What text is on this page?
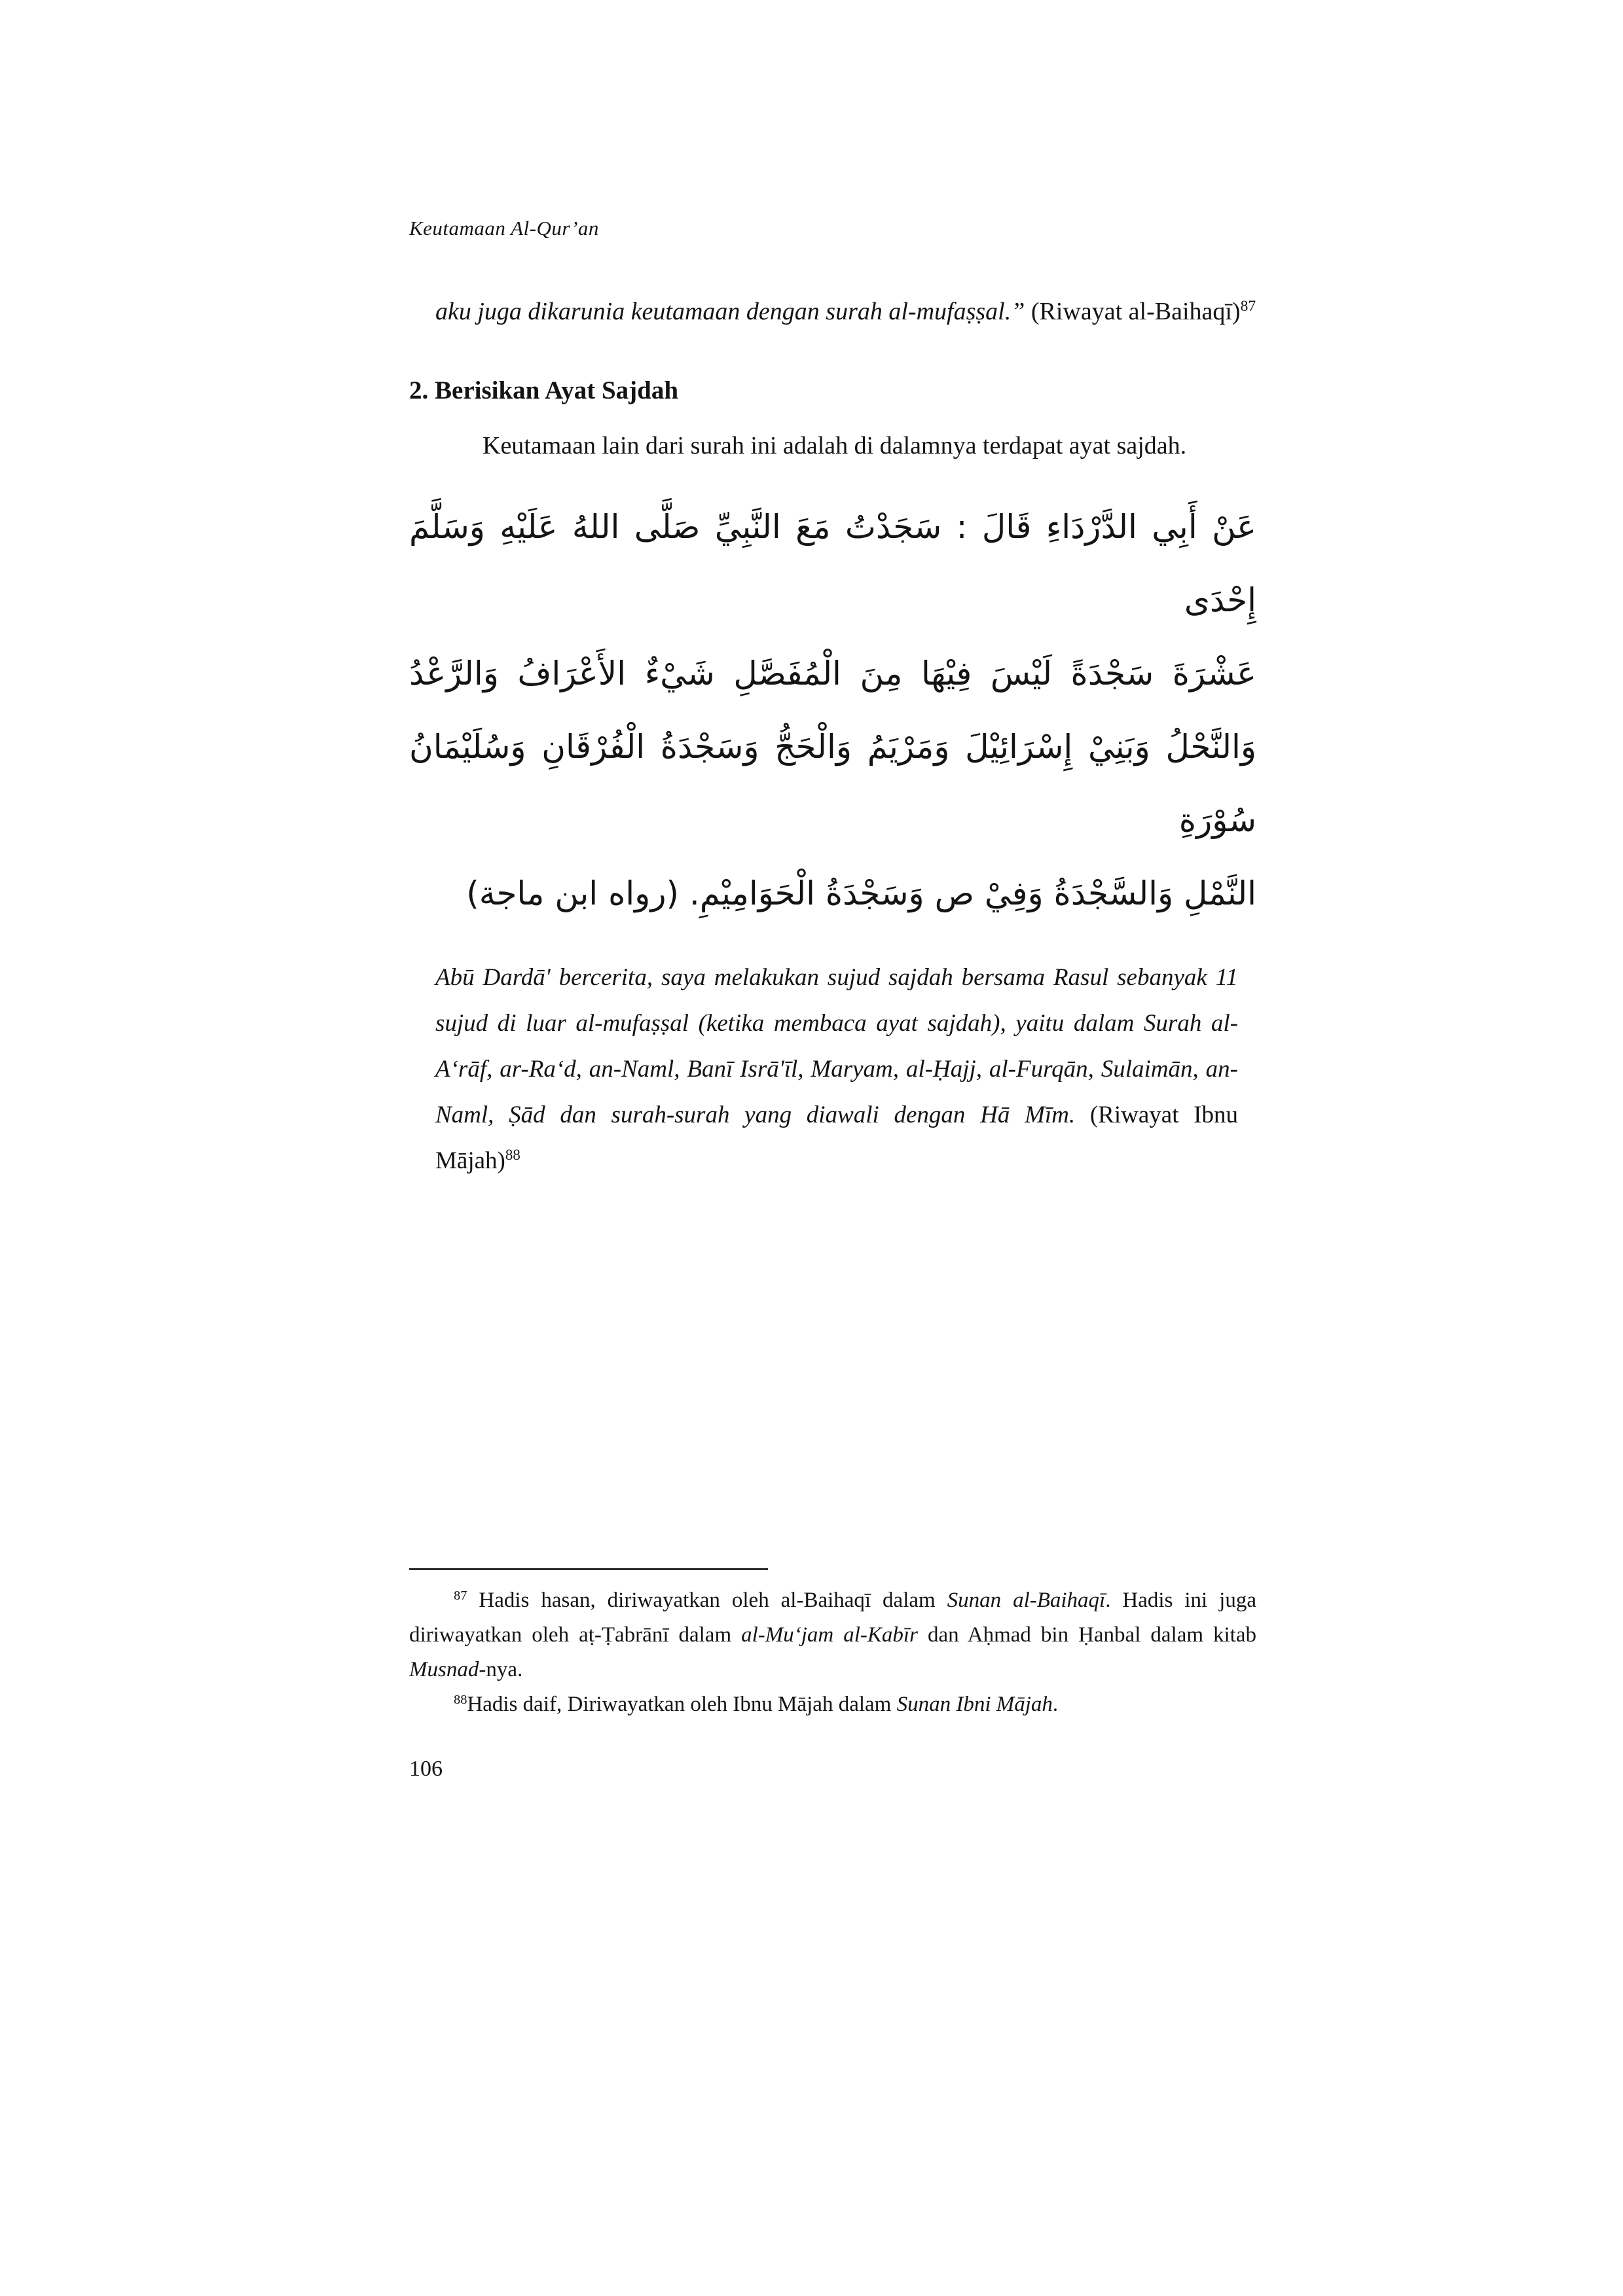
Keutamaan Al-Qur’an

aku juga dikarunia keutamaan dengan surah al-mufaṣṣal.” (Riwayat al-Baihaqī)$^{87}$

2. Berisikan Ayat Sajdah

Keutamaan lain dari surah ini adalah di dalamnya terdapat ayat sajdah.

عَنْ أَبِي الدَّرْدَاءِ قَالَ : سَجَدْتُ مَعَ النَّبِيِّ صَلَّى اللهُ عَلَيْهِ وَسَلَّمَ إِحْدَى
عَشْرَةَ سَجْدَةً لَيْسَ فِيْهَا مِنَ الْمُفَصَّلِ شَيْءٌ الأَعْرَافُ وَالرَّعْدُ
وَالنَّحْلُ وَبَنِيْ إِسْرَائِيْلَ وَمَرْيَمُ وَالْحَجُّ وَسَجْدَةُ الْفُرْقَانِ وَسُلَيْمَانُ سُوْرَةِ
النَّمْلِ وَالسَّجْدَةُ وَفِيْ ص وَسَجْدَةُ الْحَوَامِيْمِ. (رواه ابن ماجة)

Abū Dardā' bercerita, saya melakukan sujud sajdah bersama Rasul sebanyak 11 sujud di luar al-mufaṣṣal (ketika membaca ayat sajdah), yaitu dalam Surah al-A‘rāf, ar-Ra‘d, an-Naml, Banī Isrā'īl, Maryam, al-Ḥajj, al-Furqān, Sulaimān, an-Naml, Ṣād dan surah-surah yang diawali dengan Hā Mīm. (Riwayat Ibnu Mājah)$^{88}$

$^{87}$ Hadis hasan, diriwayatkan oleh al-Baihaqī dalam Sunan al-Baihaqī. Hadis ini juga diriwayatkan oleh aṭ-Ṭabrānī dalam al-Mu‘jam al-Kabīr dan Aḥmad bin Ḥanbal dalam kitab Musnad-nya.

$^{88}$Hadis daif, Diriwayatkan oleh Ibnu Mājah dalam Sunan Ibni Mājah.

106
